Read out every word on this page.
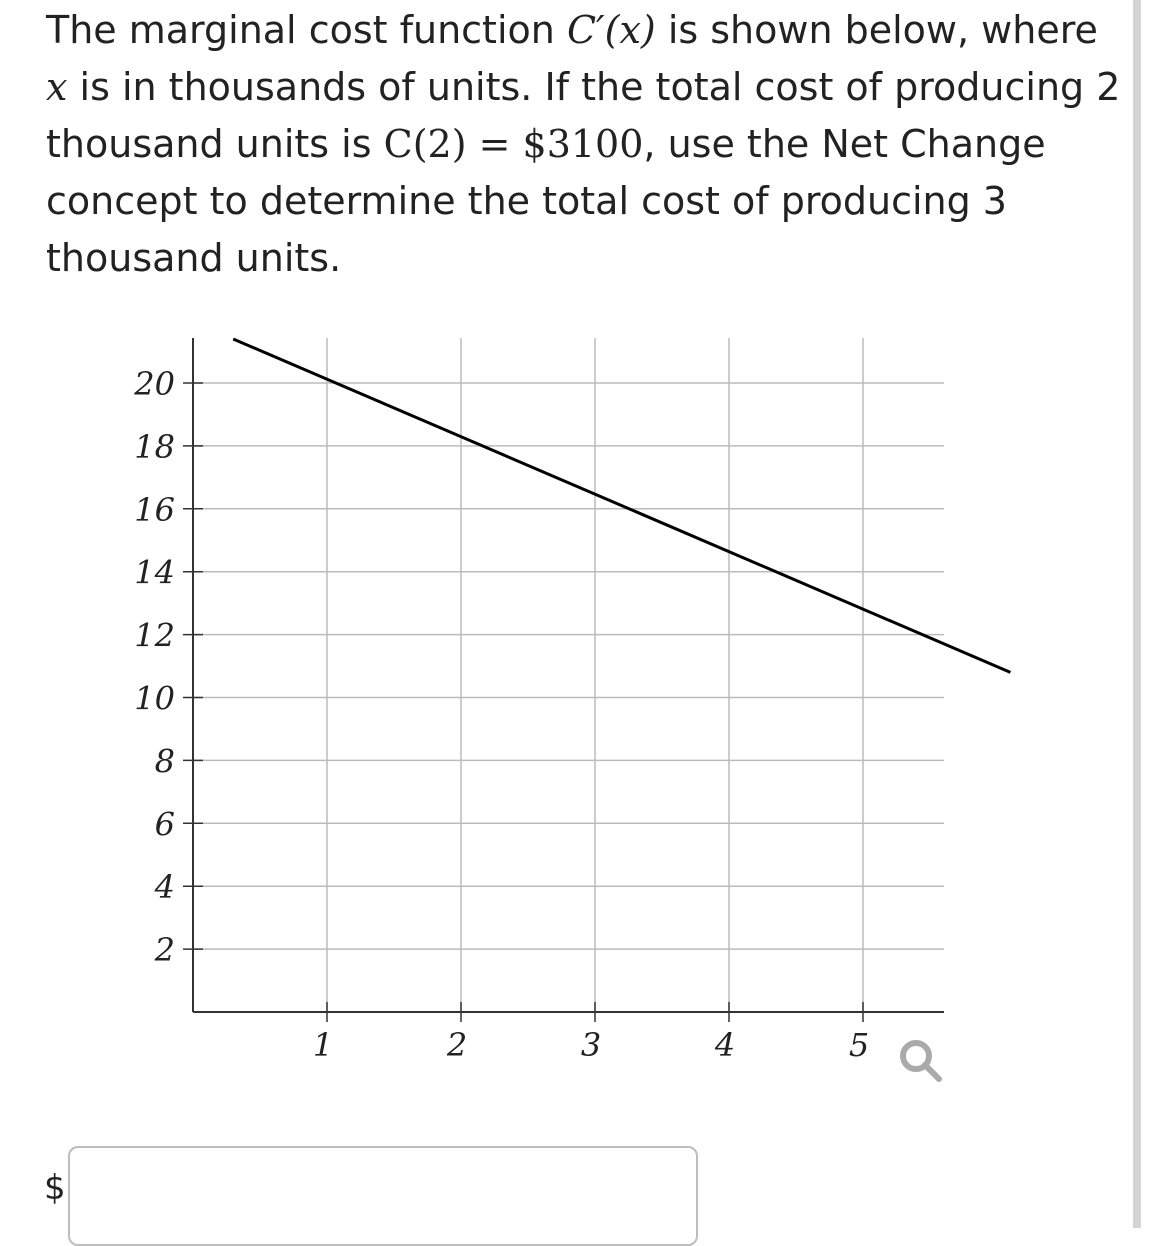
The marginal cost function C′(x) is shown below, where x is in thousands of units. If the total cost of producing 2 thousand units is C(2) = $3100, use the Net Change concept to determine the total cost of producing 3 thousand units.
2
4
6
8
10
12
14
16
18
20
1	2	3	4	5
$
